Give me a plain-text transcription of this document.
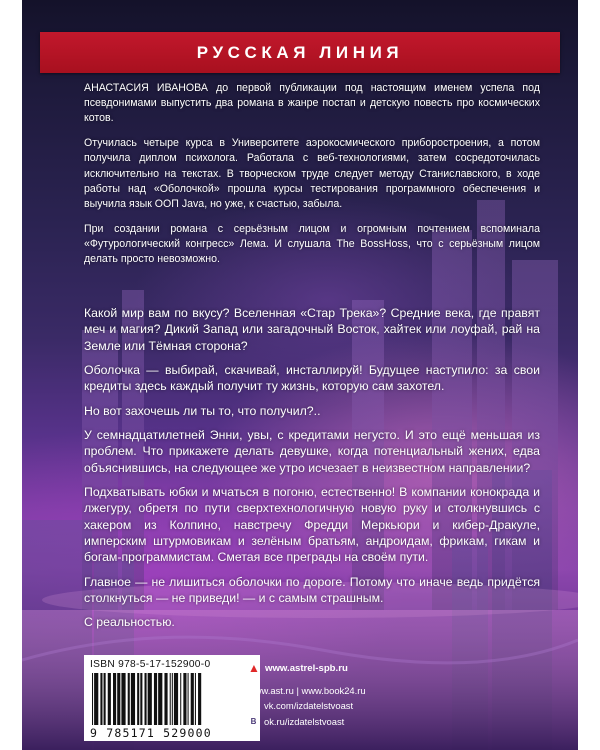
РУССКАЯ ЛИНИЯ

АНАСТАСИЯ ИВАНОВА до первой публикации под настоящим именем успела под псевдонимами выпустить два романа в жанре постап и детскую повесть про космических котов.

Отучилась четыре курса в Университете аэрокосмического приборостроения, а потом получила диплом психолога. Работала с веб-технологиями, затем сосредоточилась исключительно на текстах. В творческом труде следует методу Станиславского, в ходе работы над «Оболочкой» прошла курсы тестирования программного обеспечения и выучила язык ООП Java, но уже, к счастью, забыла.

При создании романа с серьёзным лицом и огромным почтением вспоминала «Футурологический конгресс» Лема. И слушала The BossHoss, что с серьёзным лицом делать просто невозможно.

Какой мир вам по вкусу? Вселенная «Стар Трека»? Средние века, где правят меч и магия? Дикий Запад или загадочный Восток, хайтек или лоуфай, рай на Земле или Тёмная сторона?

Оболочка — выбирай, скачивай, инсталлируй! Будущее наступило: за свои кредиты здесь каждый получит ту жизнь, которую сам захотел.

Но вот захочешь ли ты то, что получил?..

У семнадцатилетней Энни, увы, с кредитами негусто. И это ещё меньшая из проблем. Что прикажете делать девушке, когда потенциальный жених, едва объяснившись, на следующее же утро исчезает в неизвестном направлении?

Подхватывать юбки и мчаться в погоню, естественно! В компании конокрада и лжегуру, обретя по пути сверхтехнологичную новую руку и столкнувшись с хакером из Колпино, навстречу Фредди Меркьюри и кибер-Дракуле, имперским штурмовикам и зелёным братьям, андроидам, фрикам, гикам и богам-программистам. Сметая все преграды на своём пути.

Главное — не лишиться оболочки по дороге. Потому что иначе ведь придётся столкнуться — не приведи! — и с самым страшным.

С реальностью.

ISBN 978-5-17-152900-0
9 785171 529000
▲ www.astrel-spb.ru
www.ast.ru | www.book24.ru
✉ vk.com/izdatelstvoast
B ok.ru/izdatelstvoast
